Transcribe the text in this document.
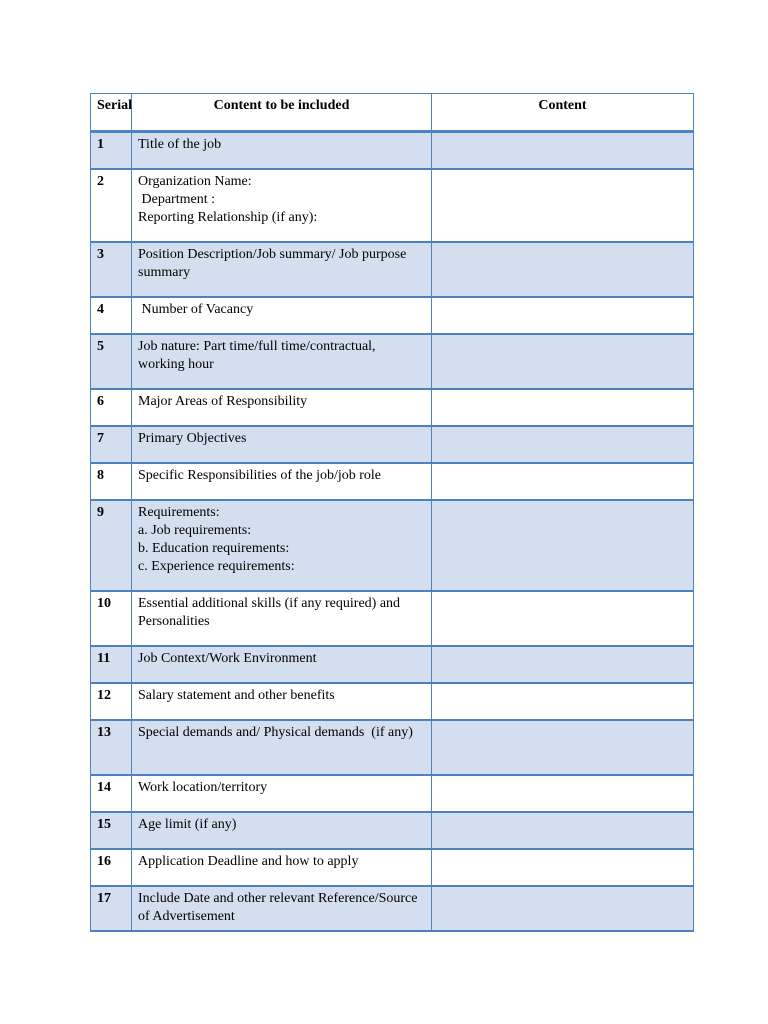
Serial	Content to be included	Content
1	Title of the job	

2	Organization Name:
Department :
Reporting Relationship (if any):	

3	Position Description/Job summary/ Job purpose summary	

4	Number of Vacancy	

5	Job nature: Part time/full time/contractual, working hour	

6	Major Areas of Responsibility	

7	Primary Objectives	

8	Specific Responsibilities of the job/job role	

9	Requirements:
a. Job requirements:
b. Education requirements:
c. Experience requirements:	

10	Essential additional skills (if any required) and Personalities	

11	Job Context/Work Environment	

12	Salary statement and other benefits	

13	Special demands and/ Physical demands  (if any)	

14	Work location/territory	

15	Age limit (if any)	

16	Application Deadline and how to apply	

17	Include Date and other relevant Reference/Source of Advertisement	
